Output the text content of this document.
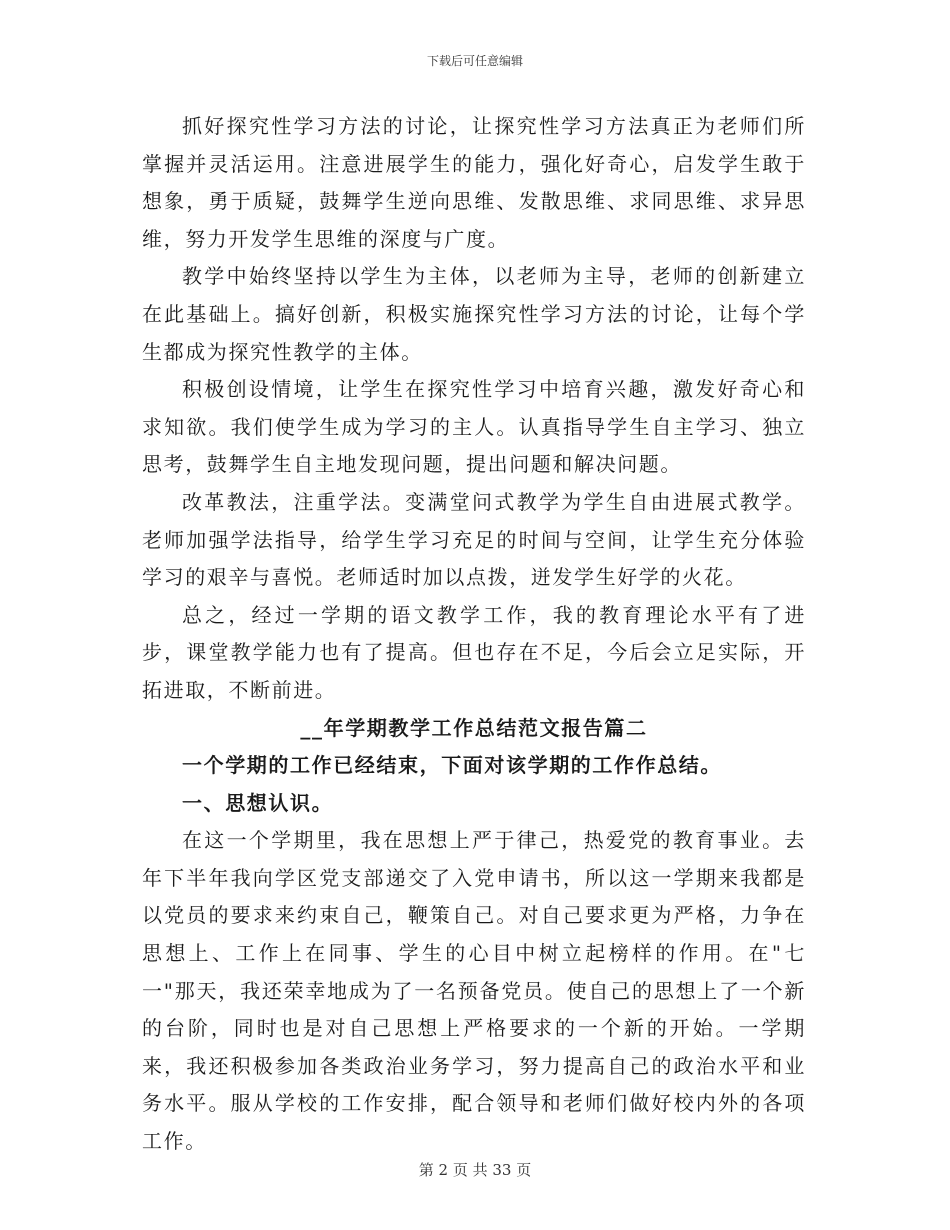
下载后可任意编辑

抓好探究性学习方法的讨论，让探究性学习方法真正为老师们所掌握并灵活运用。注意进展学生的能力，强化好奇心，启发学生敢于想象，勇于质疑，鼓舞学生逆向思维、发散思维、求同思维、求异思维，努力开发学生思维的深度与广度。

教学中始终坚持以学生为主体，以老师为主导，老师的创新建立在此基础上。搞好创新，积极实施探究性学习方法的讨论，让每个学生都成为探究性教学的主体。

积极创设情境，让学生在探究性学习中培育兴趣，激发好奇心和求知欲。我们使学生成为学习的主人。认真指导学生自主学习、独立思考，鼓舞学生自主地发现问题，提出问题和解决问题。

改革教法，注重学法。变满堂问式教学为学生自由进展式教学。老师加强学法指导，给学生学习充足的时间与空间，让学生充分体验学习的艰辛与喜悦。老师适时加以点拨，迸发学生好学的火花。

总之，经过一学期的语文教学工作，我的教育理论水平有了进步，课堂教学能力也有了提高。但也存在不足，今后会立足实际，开拓进取，不断前进。

__年学期教学工作总结范文报告篇二

一个学期的工作已经结束，下面对该学期的工作作总结。

一、思想认识。

在这一个学期里，我在思想上严于律己，热爱党的教育事业。去年下半年我向学区党支部递交了入党申请书，所以这一学期来我都是以党员的要求来约束自己，鞭策自己。对自己要求更为严格，力争在思想上、工作上在同事、学生的心目中树立起榜样的作用。在"七一"那天，我还荣幸地成为了一名预备党员。使自己的思想上了一个新的台阶，同时也是对自己思想上严格要求的一个新的开始。一学期来，我还积极参加各类政治业务学习，努力提高自己的政治水平和业务水平。服从学校的工作安排，配合领导和老师们做好校内外的各项工作。

第 2 页 共 33 页
